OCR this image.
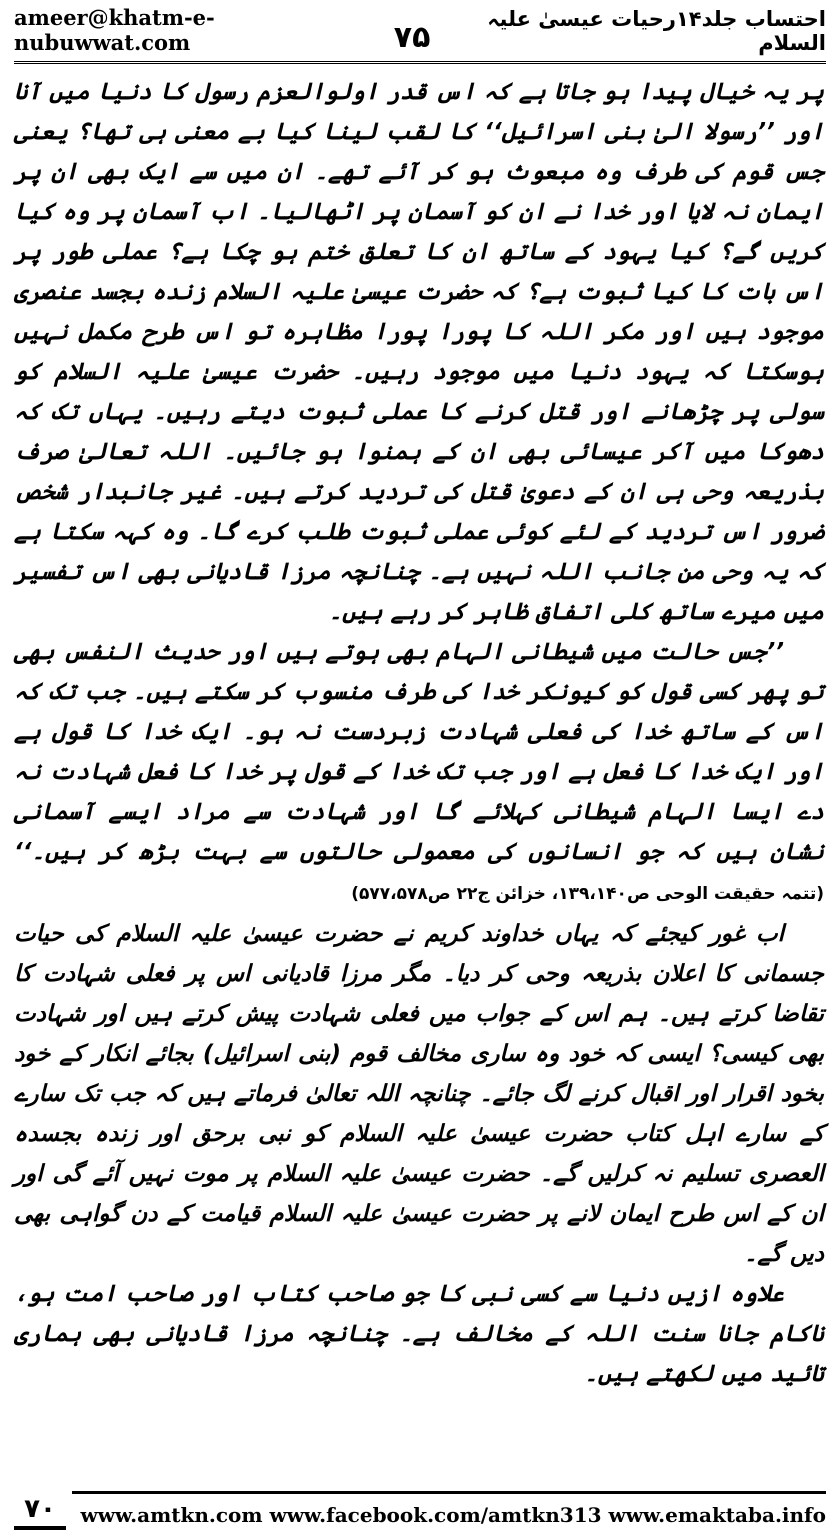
ameer@khatm-e-nubuwwat.com	۷۵
احتساب جلد۱۴رحیات عیسیٰ علیہ السلام

پر یہ خیال پیدا ہو جاتا ہے کہ اس قدر اولوالعزم رسول کا دنیا میں آنا اور ’’رسولا الیٰ بنی اسرائیل‘‘ کا لقب لینا کیا بے معنی ہی تھا؟ یعنی جس قوم کی طرف وہ مبعوث ہو کر آئے تھے۔ ان میں سے ایک بھی ان پر ایمان نہ لایا اور خدا نے ان کو آسمان پر اٹھالیا۔ اب آسمان پر وہ کیا کریں گے؟ کیا یہود کے ساتھ ان کا تعلق ختم ہو چکا ہے؟ عملی طور پر اس بات کا کیا ثبوت ہے؟ کہ حضرت عیسیٰ علیہ السلام زندہ بجسد عنصری موجود ہیں اور مکر اللہ کا پورا پورا مظاہرہ تو اس طرح مکمل نہیں ہوسکتا کہ یہود دنیا میں موجود رہیں۔ حضرت عیسیٰ علیہ السلام کو سولی پر چڑھانے اور قتل کرنے کا عملی ثبوت دیتے رہیں۔ یہاں تک کہ دھوکا میں آکر عیسائی بھی ان کے ہمنوا ہو جائیں۔ اللہ تعالیٰ صرف بذریعہ وحی ہی ان کے دعویٰ قتل کی تردید کرتے ہیں۔ غیر جانبدار شخص ضرور اس تردید کے لئے کوئی عملی ثبوت طلب کرے گا۔ وہ کہہ سکتا ہے کہ یہ وحی من جانب اللہ نہیں ہے۔ چنانچہ مرزا قادیانی بھی اس تفسیر میں میرے ساتھ کلی اتفاق ظاہر کر رہے ہیں۔

’’جس حالت میں شیطانی الہام بھی ہوتے ہیں اور حدیث النفس بھی تو پھر کسی قول کو کیونکر خدا کی طرف منسوب کر سکتے ہیں۔ جب تک کہ اس کے ساتھ خدا کی فعلی شہادت زبردست نہ ہو۔ ایک خدا کا قول ہے اور ایک خدا کا فعل ہے اور جب تک خدا کے قول پر خدا کا فعل شہادت نہ دے ایسا الہام شیطانی کہلائے گا اور شہادت سے مراد ایسے آسمانی نشان ہیں کہ جو انسانوں کی معمولی حالتوں سے بہت بڑھ کر ہیں۔‘‘ (تتمہ حقیقت الوحی ص۱۳۹،۱۴۰، خزائن ج۲۲ ص۵۷۷،۵۷۸)

اب غور کیجئے کہ یہاں خداوند کریم نے حضرت عیسیٰ علیہ السلام کی حیات جسمانی کا اعلان بذریعہ وحی کر دیا۔ مگر مرزا قادیانی اس پر فعلی شہادت کا تقاضا کرتے ہیں۔ ہم اس کے جواب میں فعلی شہادت پیش کرتے ہیں اور شہادت بھی کیسی؟ ایسی کہ خود وہ ساری مخالف قوم (بنی اسرائیل) بجائے انکار کے خود بخود اقرار اور اقبال کرنے لگ جائے۔ چنانچہ اللہ تعالیٰ فرماتے ہیں کہ جب تک سارے کے سارے اہل کتاب حضرت عیسیٰ علیہ السلام کو نبی برحق اور زندہ بجسدہ العصری تسلیم نہ کرلیں گے۔ حضرت عیسیٰ علیہ السلام پر موت نہیں آئے گی اور ان کے اس طرح ایمان لانے پر حضرت عیسیٰ علیہ السلام قیامت کے دن گواہی بھی دیں گے۔

علاوہ ازیں دنیا سے کسی نبی کا جو صاحب کتاب اور صاحب امت ہو، ناکام جانا سنت اللہ کے مخالف ہے۔ چنانچہ مرزا قادیانی بھی ہماری تائید میں لکھتے ہیں۔

۷۰	www.amtkn.com www.facebook.com/amtkn313 www.emaktaba.info
